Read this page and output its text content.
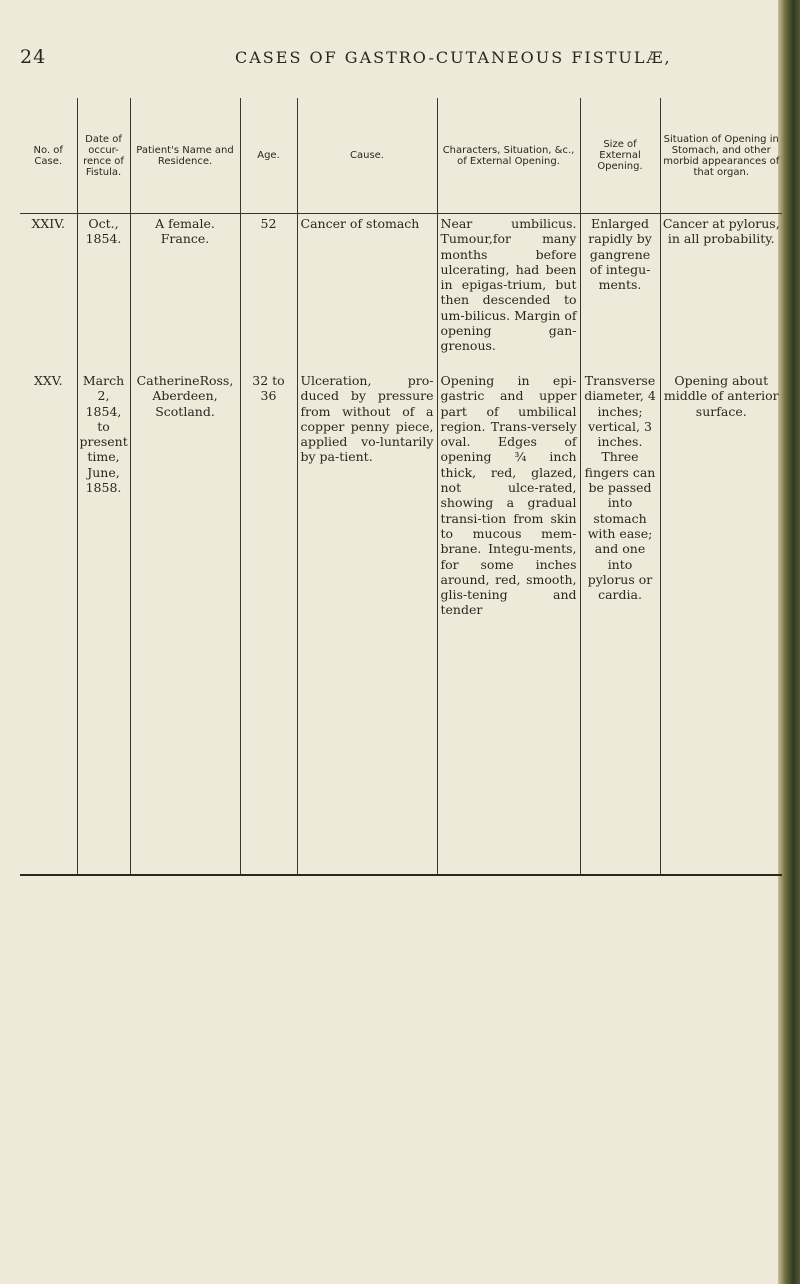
24	CASES OF GASTRO-CUTANEOUS FISTULÆ,
No. of Case.	Date of occur-rence of Fistula.	Patient's Name and Residence.	Age.	Cause.	Characters, Situation, &c., of External Opening.	Size of External Opening.	Situation of Opening in Stomach, and other morbid appearances of that organ.
XXIV.	Oct., 1854.	A female. France.	52	Cancer of stomach	Near umbilicus. Tumour,for many months before ulcerating, had been in epigas-trium, but then descended to um-bilicus. Margin of opening gan-grenous.	Enlarged rapidly by gangrene of integu-ments.	Cancer at pylorus, in all probability.
XXV.	March 2, 1854, to present time, June, 1858.	CatherineRoss, Aberdeen, Scotland.	32 to 36	Ulceration, pro-duced by pressure from without of a copper penny piece, applied vo-luntarily by pa-tient.	Opening in epi-gastric and upper part of umbilical region. Trans-versely oval. Edges of opening ¾ inch thick, red, glazed, not ulce-rated, showing a gradual transi-tion from skin to mucous mem-brane. Integu-ments, for some inches around, red, smooth, glis-tening and tender	Transverse diameter, 4 inches; vertical, 3 inches. Three fingers can be passed into stomach with ease; and one into pylorus or cardia.	Opening about middle of anterior surface.
